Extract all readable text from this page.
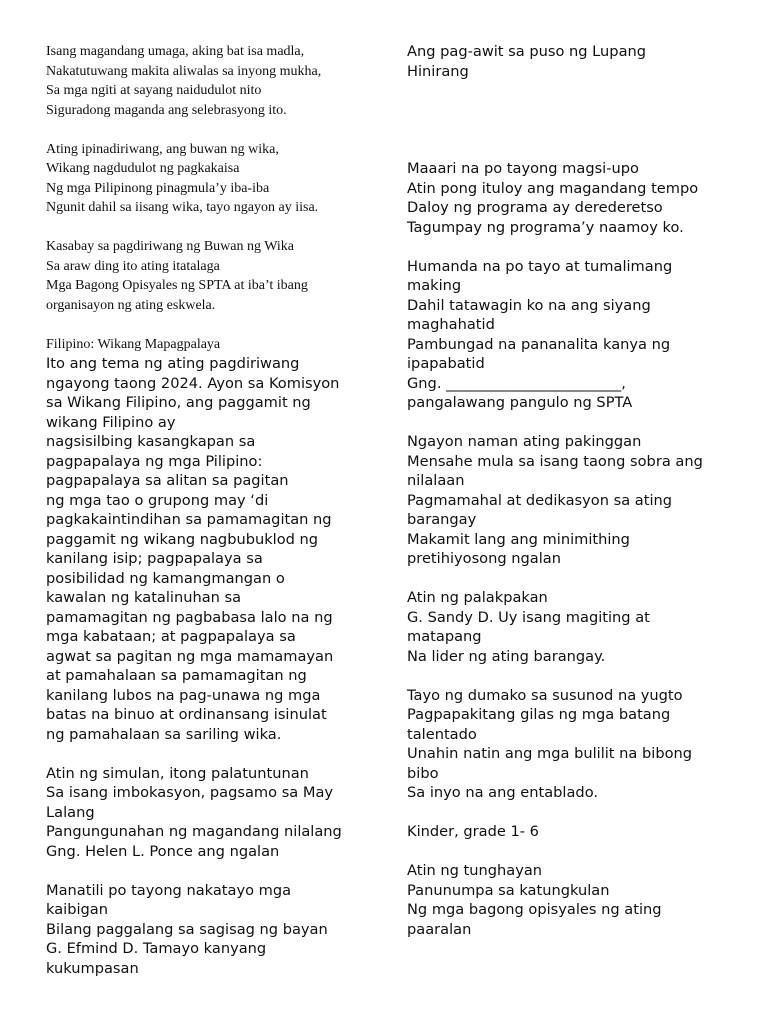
Isang magandang umaga, aking bat isa madla,
Nakatutuwang makita aliwalas sa inyong mukha,
Sa mga ngiti at sayang naidudulot nito
Siguradong maganda ang selebrasyong ito.
Ating ipinadiriwang, ang buwan ng wika,
Wikang nagdudulot ng pagkakaisa
Ng mga Pilipinong pinagmula’y iba-iba
Ngunit dahil sa iisang wika, tayo ngayon ay iisa.
Kasabay sa pagdiriwang ng Buwan ng Wika
Sa araw ding ito ating itatalaga
Mga Bagong Opisyales ng SPTA at iba’t ibang
organisayon ng ating eskwela.
Filipino: Wikang Mapagpalaya
Ito ang tema ng ating pagdiriwang
ngayong taong 2024. Ayon sa Komisyon
sa Wikang Filipino, ang paggamit ng
wikang Filipino ay
nagsisilbing kasangkapan sa
pagpapalaya ng mga Pilipino:
pagpapalaya sa alitan sa pagitan
ng mga tao o grupong may ‘di
pagkakaintindihan sa pamamagitan ng
paggamit ng wikang nagbubuklod ng
kanilang isip; pagpapalaya sa
posibilidad ng kamangmangan o
kawalan ng katalinuhan sa
pamamagitan ng pagbabasa lalo na ng
mga kabataan; at pagpapalaya sa
agwat sa pagitan ng mga mamamayan
at pamahalaan sa pamamagitan ng
kanilang lubos na pag-unawa ng mga
batas na binuo at ordinansang isinulat
ng pamahalaan sa sariling wika.
Atin ng simulan, itong palatuntunan
Sa isang imbokasyon, pagsamo sa May
Lalang
Pangungunahan ng magandang nilalang
Gng. Helen L. Ponce ang ngalan
Manatili po tayong nakatayo mga
kaibigan
Bilang paggalang sa sagisag ng bayan
G. Efmind D. Tamayo kanyang
kukumpasan
Ang pag-awit sa puso ng Lupang
Hinirang
Maaari na po tayong magsi-upo
Atin pong ituloy ang magandang tempo
Daloy ng programa ay derederetso
Tagumpay ng programa’y naamoy ko.
Humanda na po tayo at tumalimang
making
Dahil tatawagin ko na ang siyang
maghahatid
Pambungad na pananalita kanya ng
ipapabatid
Gng. ________________________,
pangalawang pangulo ng SPTA
Ngayon naman ating pakinggan
Mensahe mula sa isang taong sobra ang
nilalaan
Pagmamahal at dedikasyon sa ating
barangay
Makamit lang ang minimithing
pretihiyosong ngalan
Atin ng palakpakan
G. Sandy D. Uy isang magiting at
matapang
Na lider ng ating barangay.
Tayo ng dumako sa susunod na yugto
Pagpapakitang gilas ng mga batang
talentado
Unahin natin ang mga bulilit na bibong
bibo
Sa inyo na ang entablado.
Kinder, grade 1- 6
Atin ng tunghayan
Panunumpa sa katungkulan
Ng mga bagong opisyales ng ating
paaralan
